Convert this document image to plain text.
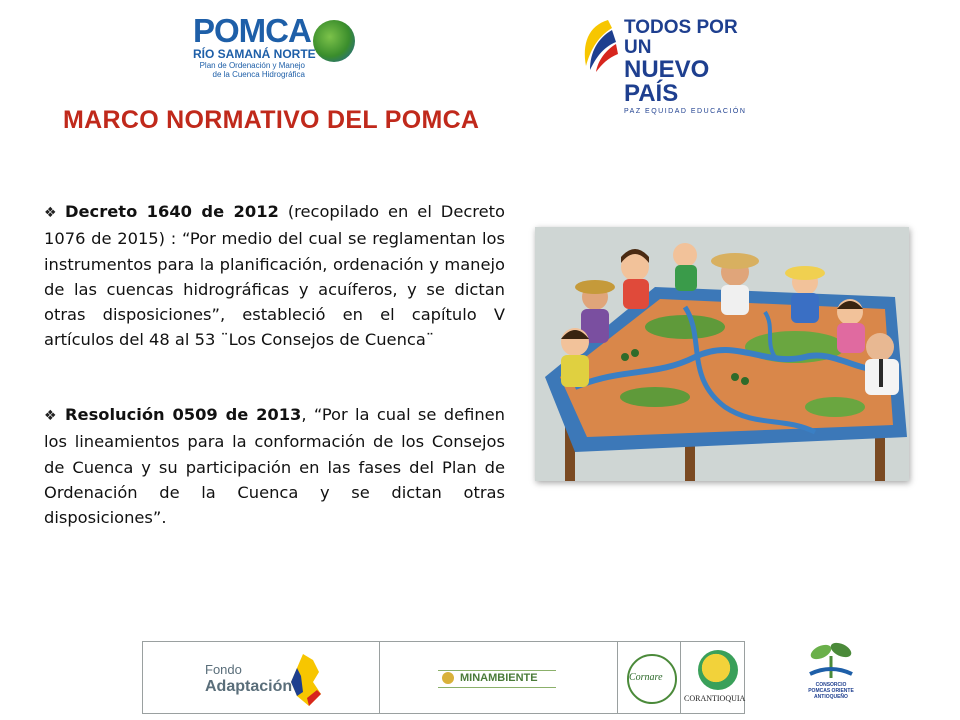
POMCA
RÍO SAMANÁ NORTE
Plan de Ordenación y Manejo
de la Cuenca Hidrográfica
TODOS POR UN
NUEVO PAÍS
PAZ EQUIDAD EDUCACIÓN
MARCO NORMATIVO DEL POMCA
❖ Decreto 1640 de 2012 (recopilado en el Decreto 1076 de 2015) : “Por medio del cual se reglamentan los instrumentos para la planificación, ordenación y manejo de las cuencas hidrográficas y acuíferos, y se dictan otras disposiciones”, estableció en el capítulo V artículos del 48 al 53 ¨Los Consejos de Cuenca¨
❖ Resolución 0509 de 2013, “Por la cual se definen los lineamientos para la conformación de los Consejos de Cuenca y su participación en las fases del Plan de Ordenación de la Cuenca y se dictan otras disposiciones”.
Fondo
Adaptación	MINAMBIENTE	Cornare
CORANTIOQUIA
CONSORCIO POMCAS ORIENTE ANTIOQUEÑO
